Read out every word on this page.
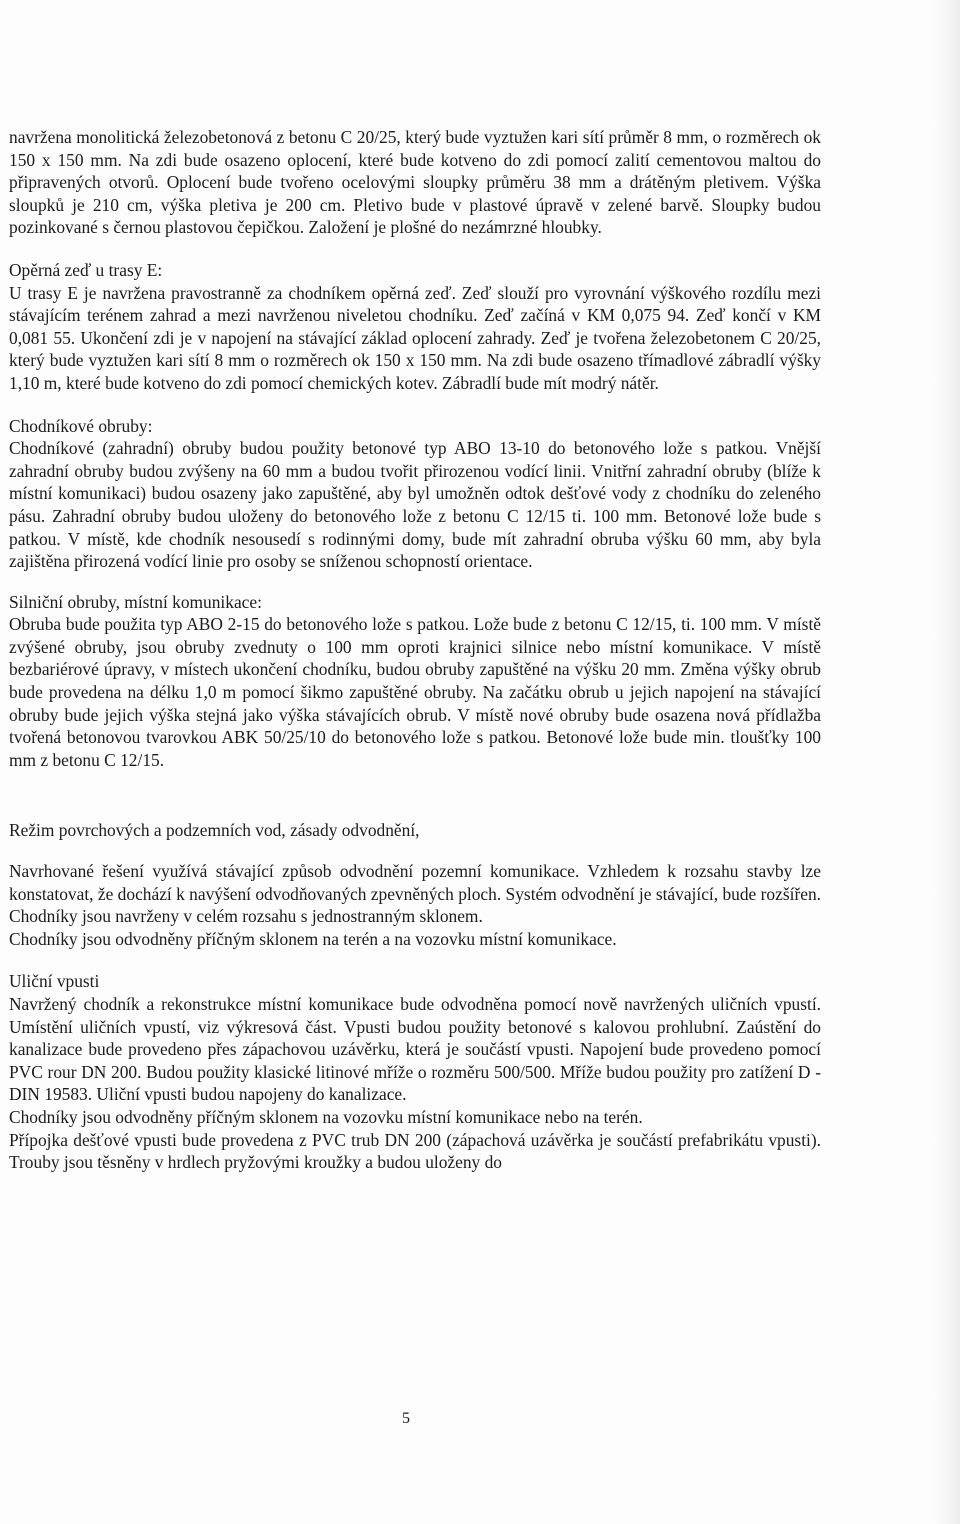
navržena monolitická železobetonová z betonu C 20/25, který bude vyztužen kari sítí průměr 8 mm, o rozměrech ok 150 x 150 mm. Na zdi bude osazeno oplocení, které bude kotveno do zdi pomocí zalití cementovou maltou do připravených otvorů. Oplocení bude tvořeno ocelovými sloupky průměru 38 mm a drátěným pletivem. Výška sloupků je 210 cm, výška pletiva je 200 cm. Pletivo bude v plastové úpravě v zelené barvě. Sloupky budou pozinkované s černou plastovou čepičkou. Založení je plošné do nezámrzné hloubky.

Opěrná zeď u trasy E:

U trasy E je navržena pravostranně za chodníkem opěrná zeď. Zeď slouží pro vyrovnání výškového rozdílu mezi stávajícím terénem zahrad a mezi navrženou niveletou chodníku. Zeď začíná v KM 0,075 94. Zeď končí v KM 0,081 55. Ukončení zdi je v napojení na stávající základ oplocení zahrady. Zeď je tvořena železobetonem C 20/25, který bude vyztužen kari sítí 8 mm o rozměrech ok 150 x 150 mm. Na zdi bude osazeno třímadlové zábradlí výšky 1,10 m, které bude kotveno do zdi pomocí chemických kotev. Zábradlí bude mít modrý nátěr.

Chodníkové obruby:

Chodníkové (zahradní) obruby budou použity betonové typ ABO 13-10 do betonového lože s patkou. Vnější zahradní obruby budou zvýšeny na 60 mm a budou tvořit přirozenou vodící linii. Vnitřní zahradní obruby (blíže k místní komunikaci) budou osazeny jako zapuštěné, aby byl umožněn odtok dešťové vody z chodníku do zeleného pásu. Zahradní obruby budou uloženy do betonového lože z betonu C 12/15 ti. 100 mm. Betonové lože bude s patkou. V místě, kde chodník nesousedí s rodinnými domy, bude mít zahradní obruba výšku 60 mm, aby byla zajištěna přirozená vodící linie pro osoby se sníženou schopností orientace.

Silniční obruby, místní komunikace:

Obruba bude použita typ ABO 2-15 do betonového lože s patkou. Lože bude z betonu C 12/15, ti. 100 mm. V místě zvýšené obruby, jsou obruby zvednuty o 100 mm oproti krajnici silnice nebo místní komunikace. V místě bezbariérové úpravy, v místech ukončení chodníku, budou obruby zapuštěné na výšku 20 mm. Změna výšky obrub bude provedena na délku 1,0 m pomocí šikmo zapuštěné obruby. Na začátku obrub u jejich napojení na stávající obruby bude jejich výška stejná jako výška stávajících obrub. V místě nové obruby bude osazena nová přídlažba tvořená betonovou tvarovkou ABK 50/25/10 do betonového lože s patkou. Betonové lože bude min. tloušťky 100 mm z betonu C 12/15.

Režim povrchových a podzemních vod, zásady odvodnění,

Navrhované řešení využívá stávající způsob odvodnění pozemní komunikace. Vzhledem k rozsahu stavby lze konstatovat, že dochází k navýšení odvodňovaných zpevněných ploch. Systém odvodnění je stávající, bude rozšířen. Chodníky jsou navrženy v celém rozsahu s jednostranným sklonem.

Chodníky jsou odvodněny příčným sklonem na terén a na vozovku místní komunikace.

Uliční vpusti

Navržený chodník a rekonstrukce místní komunikace bude odvodněna pomocí nově navržených uličních vpustí. Umístění uličních vpustí, viz výkresová část. Vpusti budou použity betonové s kalovou prohlubní. Zaústění do kanalizace bude provedeno přes zápachovou uzávěrku, která je součástí vpusti. Napojení bude provedeno pomocí PVC rour DN 200. Budou použity klasické litinové mříže o rozměru 500/500. Mříže budou použity pro zatížení D - DIN 19583. Uliční vpusti budou napojeny do kanalizace.

Chodníky jsou odvodněny příčným sklonem na vozovku místní komunikace nebo na terén.

Přípojka dešťové vpusti bude provedena z PVC trub DN 200 (zápachová uzávěrka je součástí prefabrikátu vpusti). Trouby jsou těsněny v hrdlech pryžovými kroužky a budou uloženy do

5
